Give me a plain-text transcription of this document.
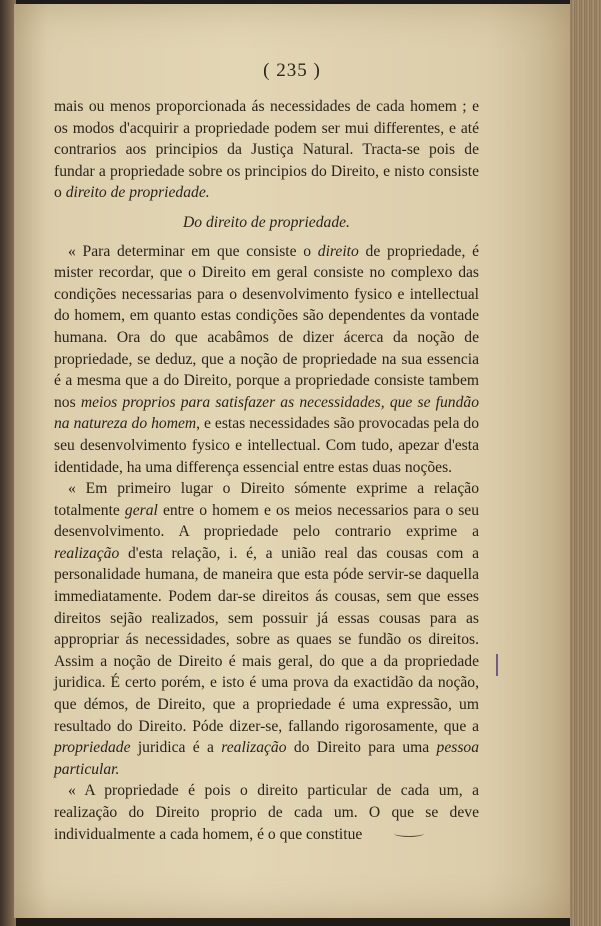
( 235 )

mais ou menos proporcionada ás necessidades de cada homem ; e os modos d'acquirir a propriedade podem ser mui differentes, e até contrarios aos principios da Justiça Natural. Tracta-se pois de fundar a propriedade sobre os principios do Direito, e nisto consiste o direito de propriedade.

Do direito de propriedade.

« Para determinar em que consiste o direito de propriedade, é mister recordar, que o Direito em geral consiste no complexo das condições necessarias para o desenvolvimento fysico e intellectual do homem, em quanto estas condições são dependentes da vontade humana. Ora do que acabâmos de dizer ácerca da noção de propriedade, se deduz, que a noção de propriedade na sua essencia é a mesma que a do Direito, porque a propriedade consiste tambem nos meios proprios para satisfazer as necessidades, que se fundão na natureza do homem, e estas necessidades são provocadas pela do seu desenvolvimento fysico e intellectual. Com tudo, apezar d'esta identidade, ha uma differença essencial entre estas duas noções.

« Em primeiro lugar o Direito sómente exprime a relação totalmente geral entre o homem e os meios necessarios para o seu desenvolvimento. A propriedade pelo contrario exprime a realização d'esta relação, i. é, a união real das cousas com a personalidade humana, de maneira que esta póde servir-se daquella immediatamente. Podem dar-se direitos ás cousas, sem que esses direitos sejão realizados, sem possuir já essas cousas para as appropriar ás necessidades, sobre as quaes se fundão os direitos. Assim a noção de Direito é mais geral, do que a da propriedade juridica. É certo porém, e isto é uma prova da exactidão da noção, que démos, de Direito, que a propriedade é uma expressão, um resultado do Direito. Póde dizer-se, fallando rigorosamente, que a propriedade juridica é a realização do Direito para uma pessoa particular.

« A propriedade é pois o direito particular de cada um, a realização do Direito proprio de cada um. O que se deve individualmente a cada homem, é o que constitue
